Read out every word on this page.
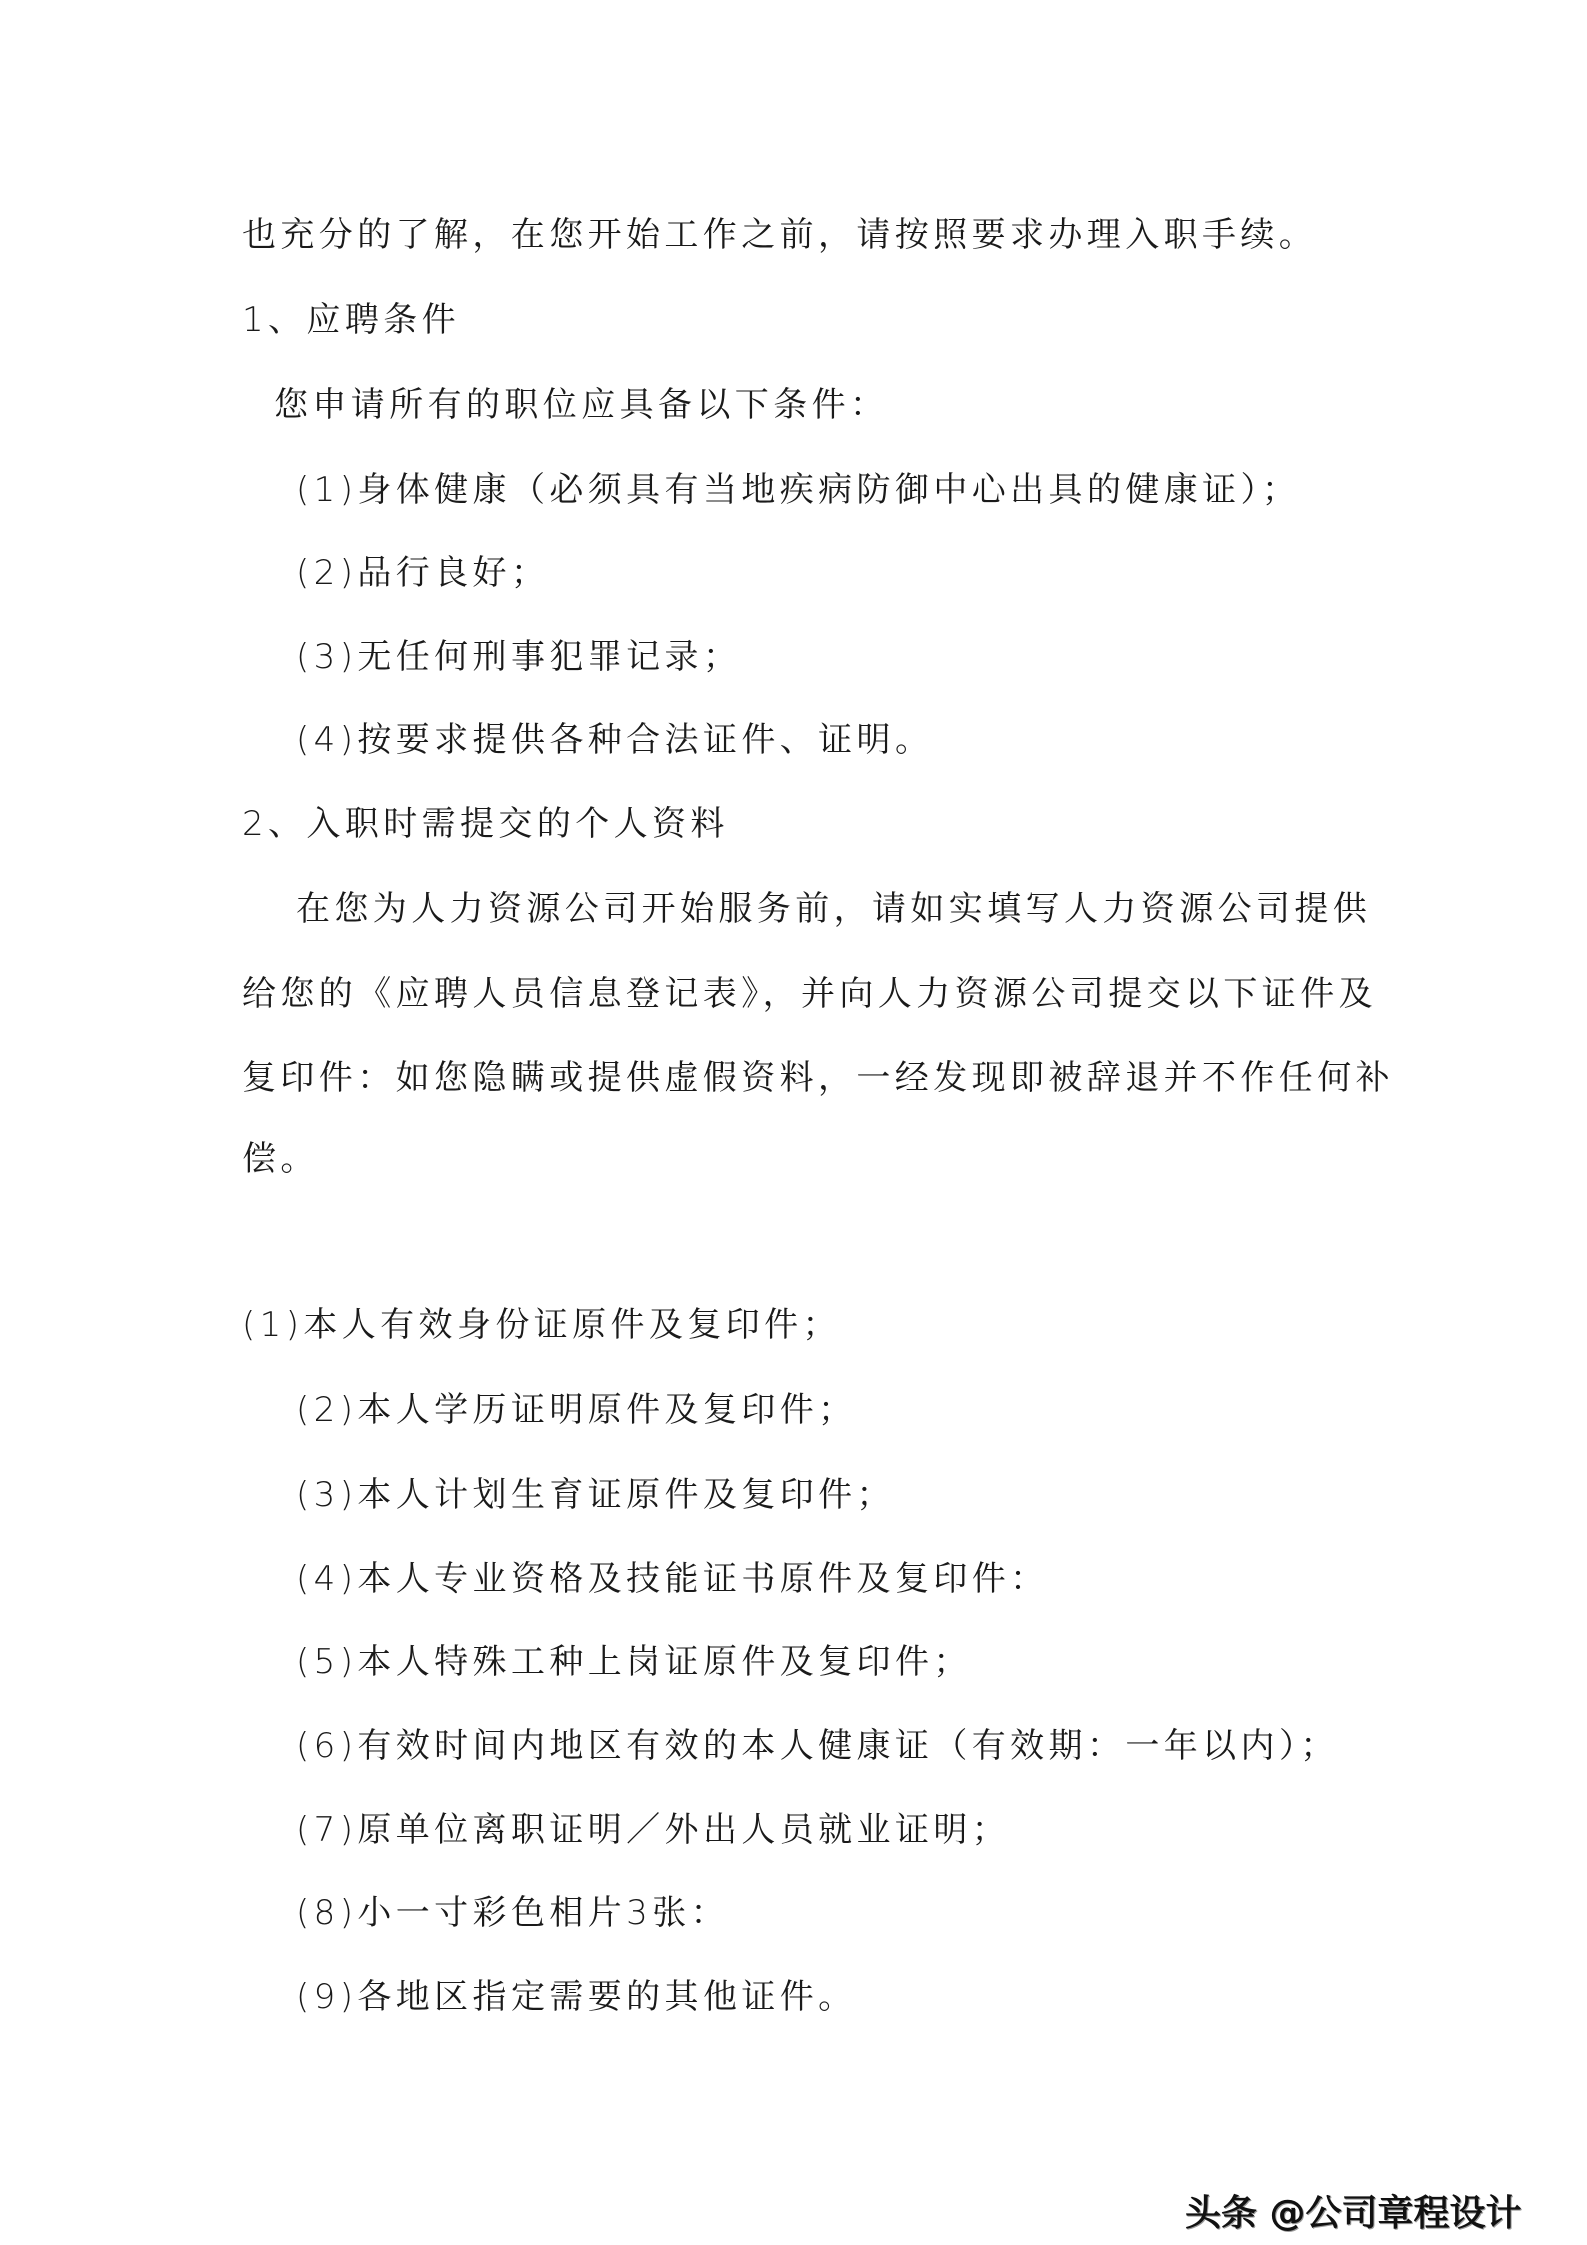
也充分的了解，在您开始工作之前，请按照要求办理入职手续。
1、应聘条件
您申请所有的职位应具备以下条件：
(1)身体健康（必须具有当地疾病防御中心出具的健康证）；
(2)品行良好；
(3)无任何刑事犯罪记录；
(4)按要求提供各种合法证件、证明。
2、入职时需提交的个人资料
在您为人力资源公司开始服务前，请如实填写人力资源公司提供
给您的《应聘人员信息登记表》，并向人力资源公司提交以下证件及
复印件：如您隐瞒或提供虚假资料，一经发现即被辞退并不作任何补
偿。
(1)本人有效身份证原件及复印件；
(2)本人学历证明原件及复印件；
(3)本人计划生育证原件及复印件；
(4)本人专业资格及技能证书原件及复印件：
(5)本人特殊工种上岗证原件及复印件；
(6)有效时间内地区有效的本人健康证（有效期：一年以内）；
(7)原单位离职证明／外出人员就业证明；
(8)小一寸彩色相片3张：
(9)各地区指定需要的其他证件。
头条 @公司章程设计
